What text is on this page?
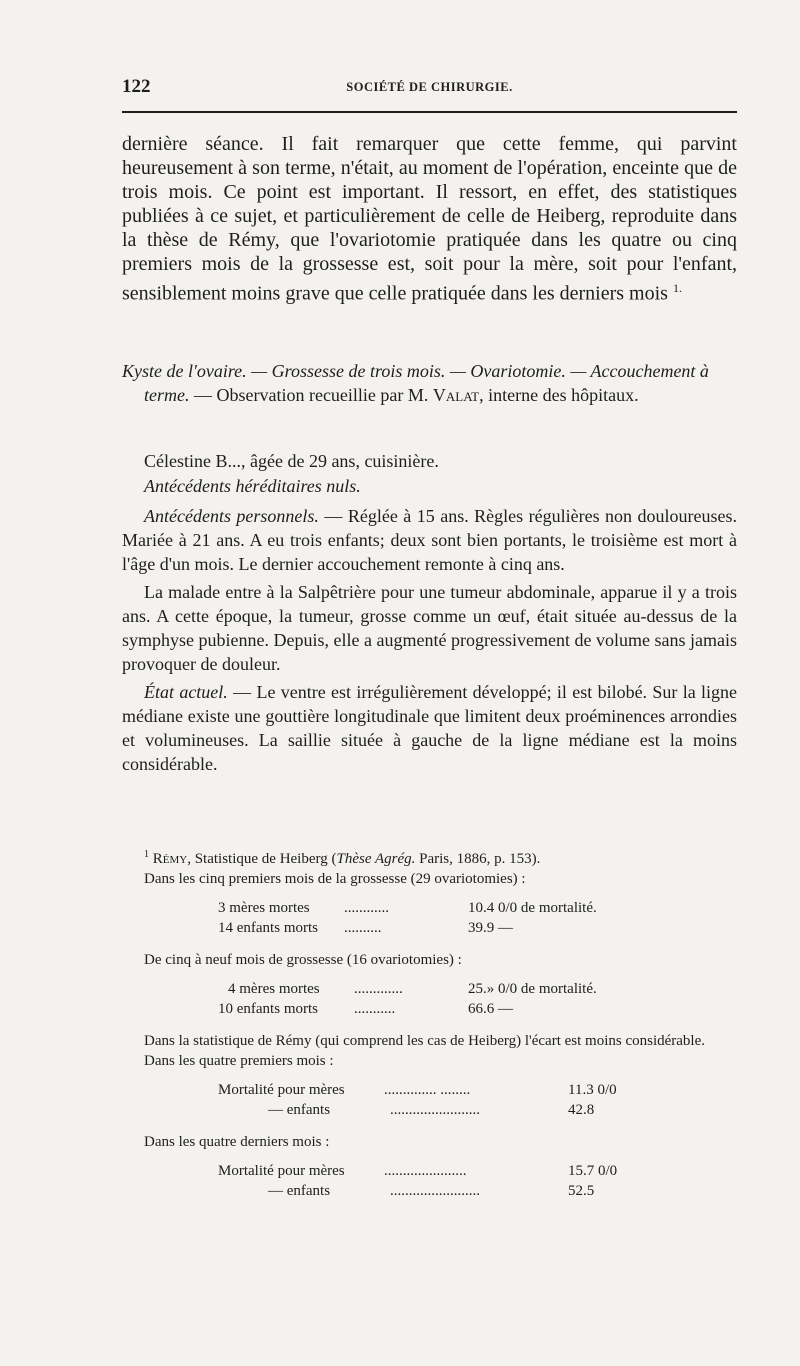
122	SOCIÉTÉ DE CHIRURGIE.

dernière séance. Il fait remarquer que cette femme, qui parvint heureusement à son terme, n'était, au moment de l'opération, enceinte que de trois mois. Ce point est important. Il ressort, en effet, des statistiques publiées à ce sujet, et particulièrement de celle de Heiberg, reproduite dans la thèse de Rémy, que l'ovariotomie pratiquée dans les quatre ou cinq premiers mois de la grossesse est, soit pour la mère, soit pour l'enfant, sensiblement moins grave que celle pratiquée dans les derniers mois $^{1.}$

Kyste de l'ovaire. — Grossesse de trois mois. — Ovariotomie. — Accouchement à terme. — Observation recueillie par M. Valat, interne des hôpitaux.

Célestine B..., âgée de 29 ans, cuisinière.

Antécédents héréditaires nuls.

Antécédents personnels. — Réglée à 15 ans. Règles régulières non douloureuses. Mariée à 21 ans. A eu trois enfants; deux sont bien portants, le troisième est mort à l'âge d'un mois. Le dernier accouchement remonte à cinq ans.

La malade entre à la Salpêtrière pour une tumeur abdominale, apparue il y a trois ans. A cette époque, la tumeur, grosse comme un œuf, était située au-dessus de la symphyse pubienne. Depuis, elle a augmenté progressivement de volume sans jamais provoquer de douleur.

État actuel. — Le ventre est irrégulièrement développé; il est bilobé. Sur la ligne médiane existe une gouttière longitudinale que limitent deux proéminences arrondies et volumineuses. La saillie située à gauche de la ligne médiane est la moins considérable.

$^1$ Rémy, Statistique de Heiberg (Thèse Agrég. Paris, 1886, p. 153).

Dans les cinq premiers mois de la grossesse (29 ovariotomies) :

3 mères mortes ............	10.4 0/0 de mortalité.
14 enfants morts ..........	39.9 —

De cinq à neuf mois de grossesse (16 ovariotomies) :

4 mères mortes .............	25.» 0/0 de mortalité.
10 enfants morts ...........	66.6 —

Dans la statistique de Rémy (qui comprend les cas de Heiberg) l'écart est moins considérable.

Dans les quatre premiers mois :

Mortalité pour mères	.............. ........	11.3 0/0
— enfants	........................	42.8

Dans les quatre derniers mois :

Mortalité pour mères	......................	15.7 0/0
— enfants	........................	52.5
